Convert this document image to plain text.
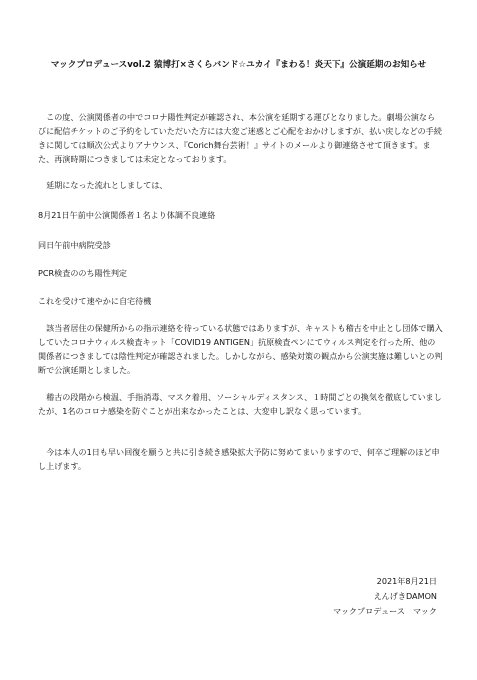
マックプロデュースvol.2 猿博打×さくらバンド☆ユカイ『まわる！炎天下』公演延期のお知らせ

この度、公演関係者の中でコロナ陽性判定が確認され、本公演を延期する運びとなりました。劇場公演ならびに配信チケットのご予約をしていただいた方には大変ご迷惑とご心配をおかけしますが、払い戻しなどの手続きに関しては順次公式よりアナウンス、『Corich舞台芸術！』サイトのメールより御連絡させて頂きます。また、再演時期につきましては未定となっております。

延期になった流れとしましては、

8月21日午前中公演関係者１名より体調不良連絡

同日午前中病院受診

PCR検査ののち陽性判定

これを受けて速やかに自宅待機

該当者居住の保健所からの指示連絡を待っている状態ではありますが、キャストも稽古を中止とし団体で購入していたコロナウィルス検査キット「COVID19 ANTIGEN」抗原検査ペンにてウィルス判定を行った所、他の関係者につきましては陰性判定が確認されました。しかしながら、感染対策の観点から公演実施は難しいとの判断で公演延期としました。

稽古の段階から検温、手指消毒、マスク着用、ソーシャルディスタンス、１時間ごとの換気を徹底していましたが、1名のコロナ感染を防ぐことが出来なかったことは、大変申し訳なく思っています。

今は本人の1日も早い回復を願うと共に引き続き感染拡大予防に努めてまいりますので、何卒ご理解のほど申し上げます。

2021年8月21日
えんげきDAMON
マックプロデュース　マック
